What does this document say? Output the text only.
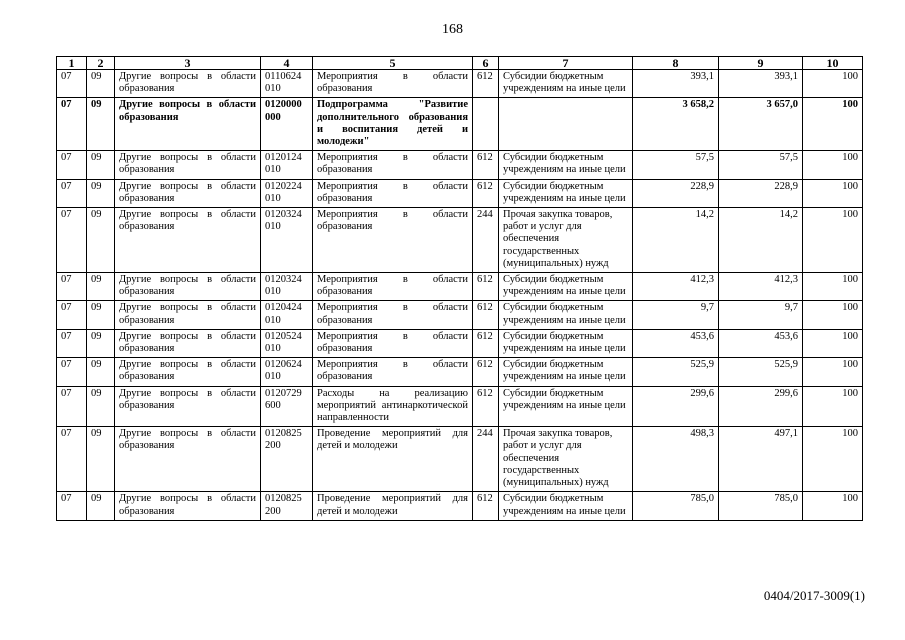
168
1	2	3	4	5	6	7	8	9	10
07	09	Другие вопросы в области образования	0110624 010	Мероприятия в области образования	612	Субсидии бюджетным учреждениям на иные цели	393,1	393,1	100
07	09	Другие вопросы в области образования	0120000 000	Подпрограмма "Развитие дополнительного образования и воспитания детей и молодежи"			3 658,2	3 657,0	100
07	09	Другие вопросы в области образования	0120124 010	Мероприятия в области образования	612	Субсидии бюджетным учреждениям на иные цели	57,5	57,5	100
07	09	Другие вопросы в области образования	0120224 010	Мероприятия в области образования	612	Субсидии бюджетным учреждениям на иные цели	228,9	228,9	100
07	09	Другие вопросы в области образования	0120324 010	Мероприятия в области образования	244	Прочая закупка товаров, работ и услуг для обеспечения государственных (муниципальных) нужд	14,2	14,2	100
07	09	Другие вопросы в области образования	0120324 010	Мероприятия в области образования	612	Субсидии бюджетным учреждениям на иные цели	412,3	412,3	100
07	09	Другие вопросы в области образования	0120424 010	Мероприятия в области образования	612	Субсидии бюджетным учреждениям на иные цели	9,7	9,7	100
07	09	Другие вопросы в области образования	0120524 010	Мероприятия в области образования	612	Субсидии бюджетным учреждениям на иные цели	453,6	453,6	100
07	09	Другие вопросы в области образования	0120624 010	Мероприятия в области образования	612	Субсидии бюджетным учреждениям на иные цели	525,9	525,9	100
07	09	Другие вопросы в области образования	0120729 600	Расходы на реализацию мероприятий антинаркотической направленности	612	Субсидии бюджетным учреждениям на иные цели	299,6	299,6	100
07	09	Другие вопросы в области образования	0120825 200	Проведение мероприятий для детей и молодежи	244	Прочая закупка товаров, работ и услуг для обеспечения государственных (муниципальных) нужд	498,3	497,1	100
07	09	Другие вопросы в области образования	0120825 200	Проведение мероприятий для детей и молодежи	612	Субсидии бюджетным учреждениям на иные цели	785,0	785,0	100
0404/2017-3009(1)
